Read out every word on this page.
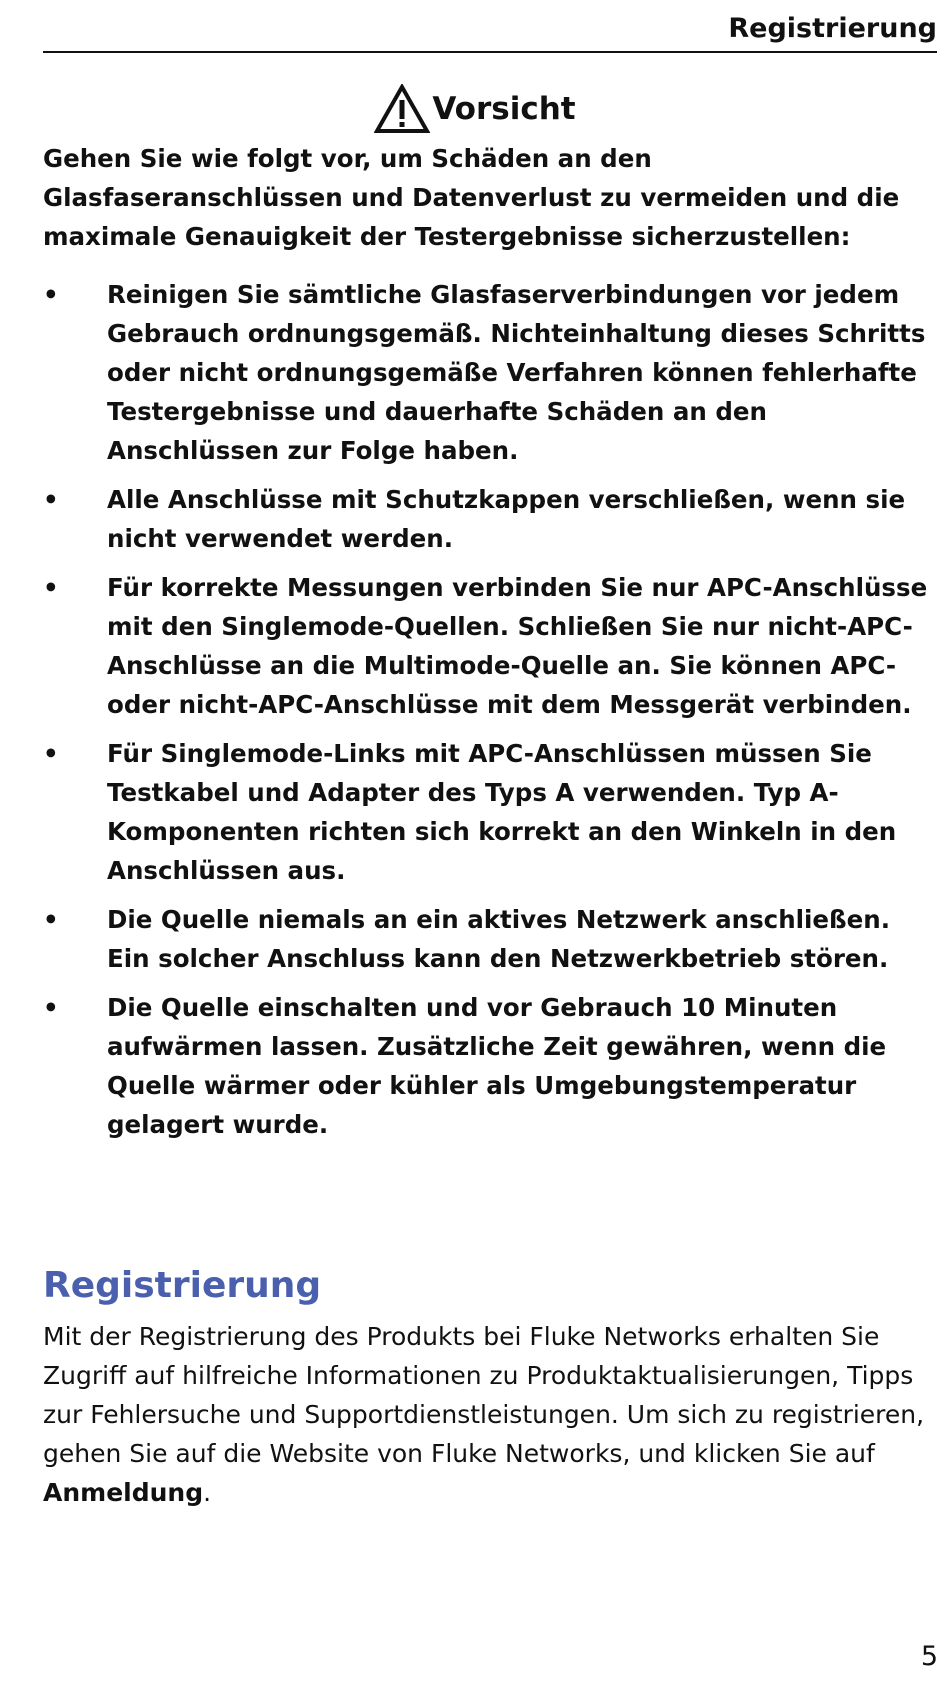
Registrierung
Vorsicht

Gehen Sie wie folgt vor, um Schäden an den Glasfaseranschlüssen und Datenverlust zu vermeiden und die maximale Genauigkeit der Testergebnisse sicherzustellen:

• Reinigen Sie sämtliche Glasfaserverbindungen vor jedem Gebrauch ordnungsgemäß. Nichteinhaltung dieses Schritts oder nicht ordnungsgemäße Verfahren können fehlerhafte Testergebnisse und dauerhafte Schäden an den Anschlüssen zur Folge haben.
• Alle Anschlüsse mit Schutzkappen verschließen, wenn sie nicht verwendet werden.
• Für korrekte Messungen verbinden Sie nur APC-Anschlüsse mit den Singlemode-Quellen. Schließen Sie nur nicht-APC-Anschlüsse an die Multimode-Quelle an. Sie können APC- oder nicht-APC-Anschlüsse mit dem Messgerät verbinden.
• Für Singlemode-Links mit APC-Anschlüssen müssen Sie Testkabel und Adapter des Typs A verwenden. Typ A-Komponenten richten sich korrekt an den Winkeln in den Anschlüssen aus.
• Die Quelle niemals an ein aktives Netzwerk anschließen. Ein solcher Anschluss kann den Netzwerkbetrieb stören.
• Die Quelle einschalten und vor Gebrauch 10 Minuten aufwärmen lassen. Zusätzliche Zeit gewähren, wenn die Quelle wärmer oder kühler als Umgebungstemperatur gelagert wurde.
Registrierung

Mit der Registrierung des Produkts bei Fluke Networks erhalten Sie Zugriff auf hilfreiche Informationen zu Produktaktualisierungen, Tipps zur Fehlersuche und Supportdienstleistungen. Um sich zu registrieren, gehen Sie auf die Website von Fluke Networks, und klicken Sie auf Anmeldung.

5
